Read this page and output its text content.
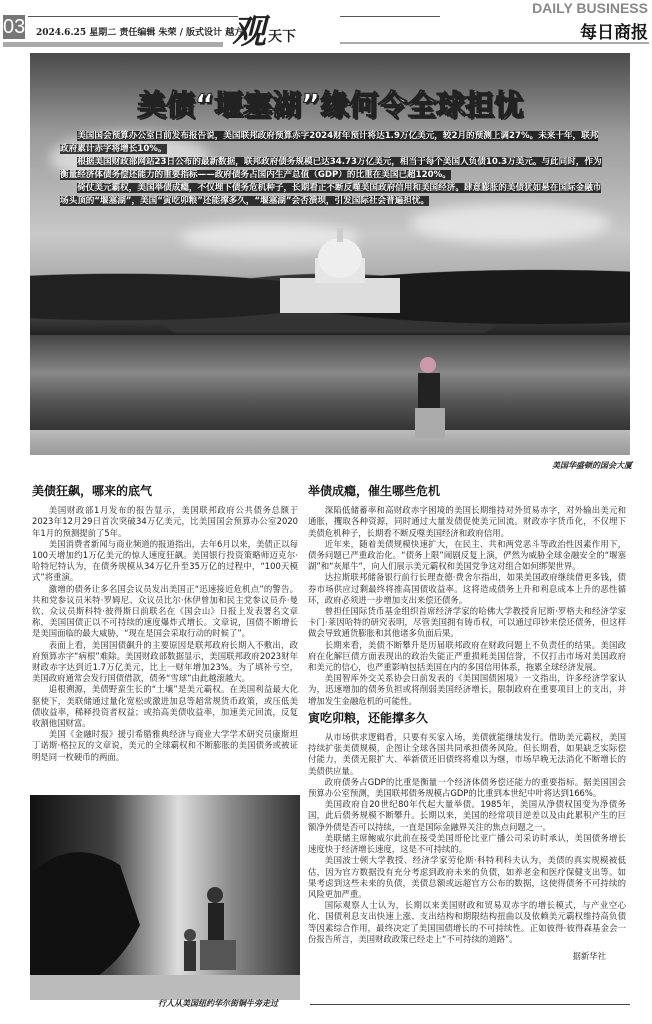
03 2024.6.25 星期二 责任编辑 朱荣 / 版式设计 越方
观 天下
DAILY BUSINESS
每日商报
美债“堰塞湖”缘何令全球担忧

美国国会预算办公室日前发布报告说，美国联邦政府预算赤字2024财年预计将达1.9万亿美元，较2月的预测上调27%。未来十年，联邦政府累计赤字将增长10%。

根据美国财政部网站23日公布的最新数据，联邦政府债务规模已达34.73万亿美元，相当于每个美国人负债10.3万美元。与此同时，作为衡量经济体债务偿还能力的重要指标——政府债务占国内生产总值（GDP）的比重在美国已超120%。

倚仗美元霸权，美国举债成瘾，不仅埋下债务危机种子，长期看正不断反噬美国政府信用和美国经济。肆意膨胀的美债犹如悬在国际金融市场头顶的“堰塞湖”，美国“寅吃卯粮”还能撑多久，“堰塞湖”会否溃坝，引发国际社会普遍担忧。

美国华盛顿的国会大厦
美债狂飙，哪来的底气

美国财政部1月发布的报告显示，美国联邦政府公共债务总额于2023年12月29日首次突破34万亿美元，比美国国会预算办公室2020年1月的预测提前了5年。

美国消费者新闻与商业频道的报道指出，去年6月以来，美债正以每100天增加约1万亿美元的惊人速度狂飙。美国银行投资策略师迈克尔·哈特尼特认为，在债务规模从34万亿升至35万亿的过程中，“100天模式”将重演。

激增的债务让多名国会议员发出美国正“迅速接近危机点”的警告。共和党参议员米特·罗姆尼、众议员比尔·休伊曾加和民主党参议员乔·曼钦、众议员斯科特·彼得斯日前联名在《国会山》日报上发表署名文章称，美国国债正以不可持续的速度爆炸式增长。文章说，国债不断增长是美国面临的最大威胁，“现在是国会采取行动的时候了”。

表面上看，美国国债飙升的主要原因是联邦政府长期入不敷出，政府预算赤字“病根”难除。美国财政部数据显示，美国联邦政府2023财年财政赤字达到近1.7万亿美元，比上一财年增加23%。为了填补亏空，美国政府通常会发行国债借款，债务“雪球”由此越滚越大。

追根溯源，美债野蛮生长的“土壤”是美元霸权。在美国利益最大化驱使下，美联储通过量化宽松或激进加息等超常规货币政策，或压低美债收益率，稀释投资者权益；或抬高美债收益率，加速美元回流，反复收割他国财富。

美国《金融时报》援引希腊雅典经济与商业大学学术研究员康斯坦丁诺斯·格拉瓦的文章说，美元的全球霸权和不断膨胀的美国债务或被证明是同一枚硬币的两面。

行人从美国纽约华尔街铜牛旁走过
举债成瘾，催生哪些危机

深陷低储蓄率和高财政赤字困境的美国长期维持对外贸易赤字，对外输出美元和通胀，攫取各种资源，同时通过大量发债促使美元回流。财政赤字货币化，不仅埋下美债危机种子，长期看不断反噬美国经济和政府信用。

近年来，随着美债规模快速扩大，在民主、共和两党恶斗等政治性因素作用下，债务问题已严重政治化。“债务上限”闹剧反复上演，俨然为威胁全球金融安全的“堰塞湖”和“灰犀牛”，向人们展示美元霸权和美国党争这对组合如何绑架世界。

达拉斯联邦储备银行前行长理查德·费舍尔指出，如果美国政府继续借更多钱，债券市场供应过剩最终将推高国债收益率。这将造成债务上升和利息成本上升的恶性循环，政府必须进一步增加支出来偿还债务。

曾担任国际货币基金组织首席经济学家的哈佛大学教授肯尼斯·罗格夫和经济学家卡门·莱因哈特的研究表明，尽管美国拥有铸币权，可以通过印钞来偿还债务，但这样做会导致通货膨胀和其他诸多负面后果。

长期来看，美债不断攀升是历届联邦政府在财政问题上不负责任的结果。美国政府在化解巨债方面表现出的政治失能正严重损耗美国信誉，不仅打击市场对美国政府和美元的信心，也严重影响包括美国在内的多国信用体系，拖累全球经济发展。

美国智库外交关系协会日前发表的《美国国债困境》一文指出，许多经济学家认为，迅速增加的债务负担或将削弱美国经济增长，限制政府在重要项目上的支出，并增加发生金融危机的可能性。

寅吃卯粮，还能撑多久

从市场供求逻辑看，只要有买家入场，美债就能继续发行。借助美元霸权，美国持续扩张美债规模，企图让全球各国共同承担债务风险。但长期看，如果缺乏实际偿付能力，美债无限扩大、举新债还旧债终将难以为继，市场早晚无法消化不断增长的美债供应量。

政府债务占GDP的比重是衡量一个经济体债务偿还能力的重要指标。据美国国会预算办公室预测，美国联邦债务规模占GDP的比重到本世纪中叶将达到166%。

美国政府自20世纪80年代起大量举债。1985年，美国从净债权国变为净债务国，此后债务规模不断攀升。长期以来，美国的经常项目逆差以及由此累积产生的巨额净外债是否可以持续，一直是国际金融界关注的焦点问题之一。

美联储主席鲍威尔此前在接受美国哥伦比亚广播公司采访时承认，美国债务增长速度快于经济增长速度，这是不可持续的。

美国波士顿大学教授、经济学家劳伦斯·科特利科夫认为，美债的真实规模被低估，因为官方数据没有充分考虑到政府未来的负债，如养老金和医疗保健支出等。如果考虑到这些未来的负债，美债总额或远超官方公布的数据，这使得债务不可持续的风险更加严重。

国际观察人士认为，长期以来美国财政和贸易双赤字的增长模式，与产业空心化、国债利息支出快速上涨、支出结构和期限结构扭曲以及依赖美元霸权维持高负债等因素综合作用，最终决定了美国国债增长的不可持续性。正如彼得·彼得森基金会一份报告所言，美国财政政策已经走上“不可持续的道路”。

据新华社
